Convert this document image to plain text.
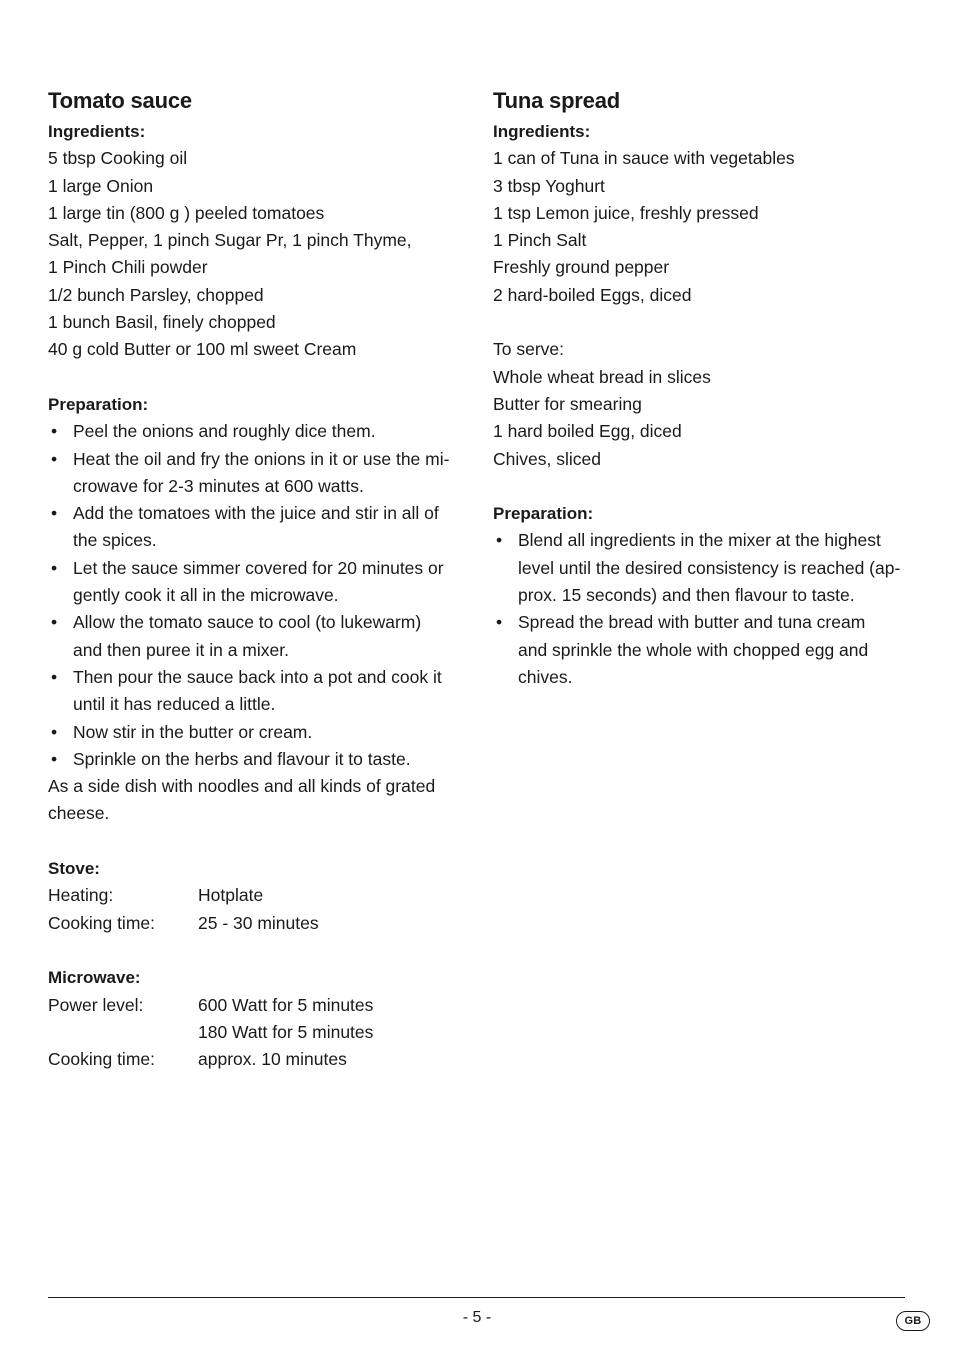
Tomato sauce

Ingredients:

5 tbsp Cooking oil

1 large Onion

1 large tin (800 g ) peeled tomatoes

Salt, Pepper, 1 pinch Sugar Pr, 1 pinch Thyme,

1 Pinch Chili powder

1/2 bunch Parsley, chopped

1 bunch Basil, finely chopped

40 g cold Butter or 100 ml sweet Cream

Preparation:

• Peel the onions and roughly dice them.
• Heat the oil and fry the onions in it or use the mi-
crowave for 2-3 minutes at 600 watts.
• Add the tomatoes with the juice and stir in all of
the spices.
• Let the sauce simmer covered for 20 minutes or
gently cook it all in the microwave.
• Allow the tomato sauce to cool (to lukewarm)
and then puree it in a mixer.
• Then pour the sauce back into a pot and cook it
until it has reduced a little.
• Now stir in the butter or cream.
• Sprinkle on the herbs and flavour it to taste.

As a side dish with noodles and all kinds of grated

cheese.

Stove:

Heating:	Hotplate
Cooking time:	25 - 30 minutes

Microwave:

Power level:	600 Watt for 5 minutes
180 Watt for 5 minutes
Cooking time:	approx. 10 minutes
Tuna spread

Ingredients:

1 can of Tuna in sauce with vegetables

3 tbsp Yoghurt

1 tsp Lemon juice, freshly pressed

1 Pinch Salt

Freshly ground pepper

2 hard-boiled Eggs, diced

To serve:

Whole wheat bread in slices

Butter for smearing

1 hard boiled Egg, diced

Chives, sliced

Preparation:

• Blend all ingredients in the mixer at the highest
level until the desired consistency is reached (ap-
prox. 15 seconds) and then flavour to taste.
• Spread the bread with butter and tuna cream
and sprinkle the whole with chopped egg and
chives.
- 5 -	GB
